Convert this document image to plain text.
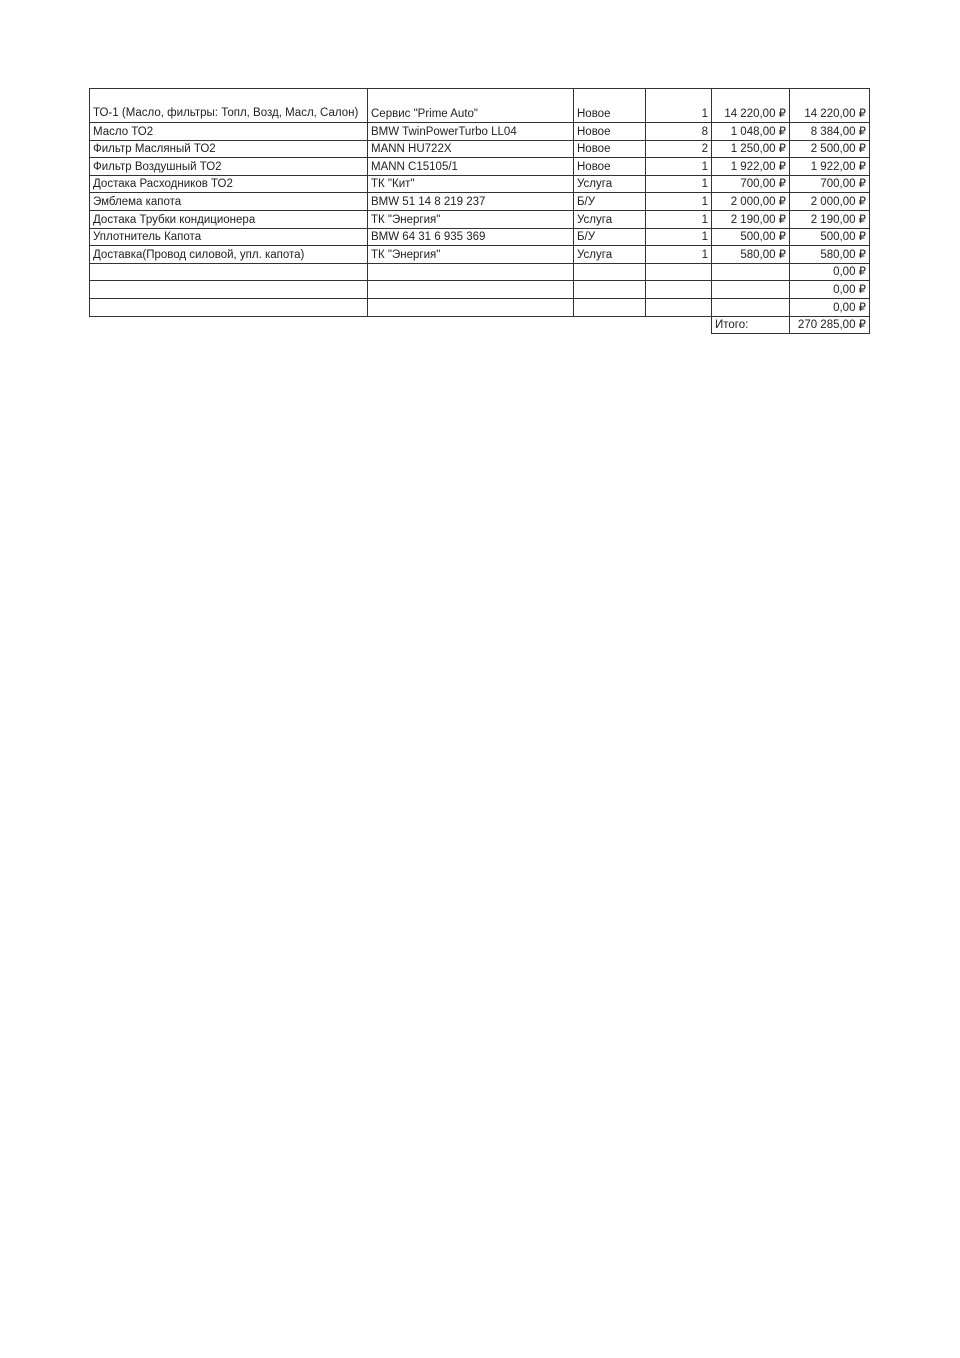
ТО-1 (Масло, фильтры: Топл, Возд, Масл, Салон)	Сервис "Prime Auto"	Новое	1	14 220,00 ₽	14 220,00 ₽
Масло ТО2	BMW TwinPowerTurbo LL04	Новое	8	1 048,00 ₽	8 384,00 ₽
Фильтр Масляный ТО2	MANN HU722X	Новое	2	1 250,00 ₽	2 500,00 ₽
Фильтр Воздушный ТО2	MANN C15105/1	Новое	1	1 922,00 ₽	1 922,00 ₽
Достака Расходников ТО2	ТК "Кит"	Услуга	1	700,00 ₽	700,00 ₽
Эмблема капота	BMW 51 14 8 219 237	Б/У	1	2 000,00 ₽	2 000,00 ₽
Достака Трубки кондиционера	ТК "Энергия"	Услуга	1	2 190,00 ₽	2 190,00 ₽
Уплотнитель Капота	BMW 64 31 6 935 369	Б/У	1	500,00 ₽	500,00 ₽
Доставка(Провод силовой, упл. капота)	ТК "Энергия"	Услуга	1	580,00 ₽	580,00 ₽
					0,00 ₽
					0,00 ₽
					0,00 ₽
				Итого:	270 285,00 ₽
